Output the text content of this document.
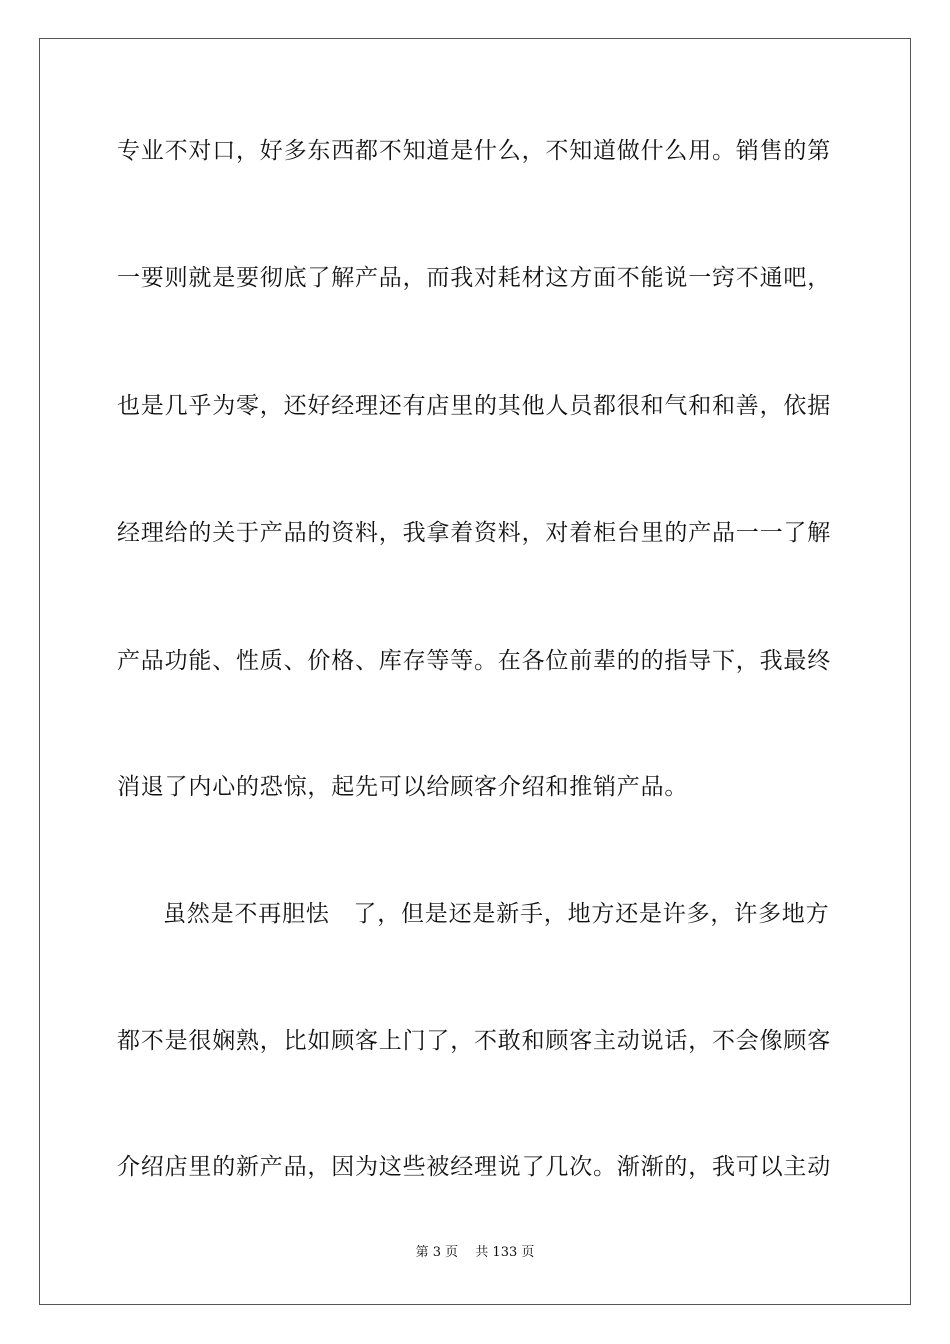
专业不对口，好多东西都不知道是什么，不知道做什么用。销售的第
一要则就是要彻底了解产品，而我对耗材这方面不能说一窍不通吧，
也是几乎为零，还好经理还有店里的其他人员都很和气和和善，依据
经理给的关于产品的资料，我拿着资料，对着柜台里的产品一一了解
产品功能、性质、价格、库存等等。在各位前辈的的指导下，我最终
消退了内心的恐惊，起先可以给顾客介绍和推销产品。
虽然是不再胆怯　了，但是还是新手，地方还是许多，许多地方
都不是很娴熟，比如顾客上门了，不敢和顾客主动说话，不会像顾客
介绍店里的新产品，因为这些被经理说了几次。渐渐的，我可以主动
第 3 页　 共 133 页
